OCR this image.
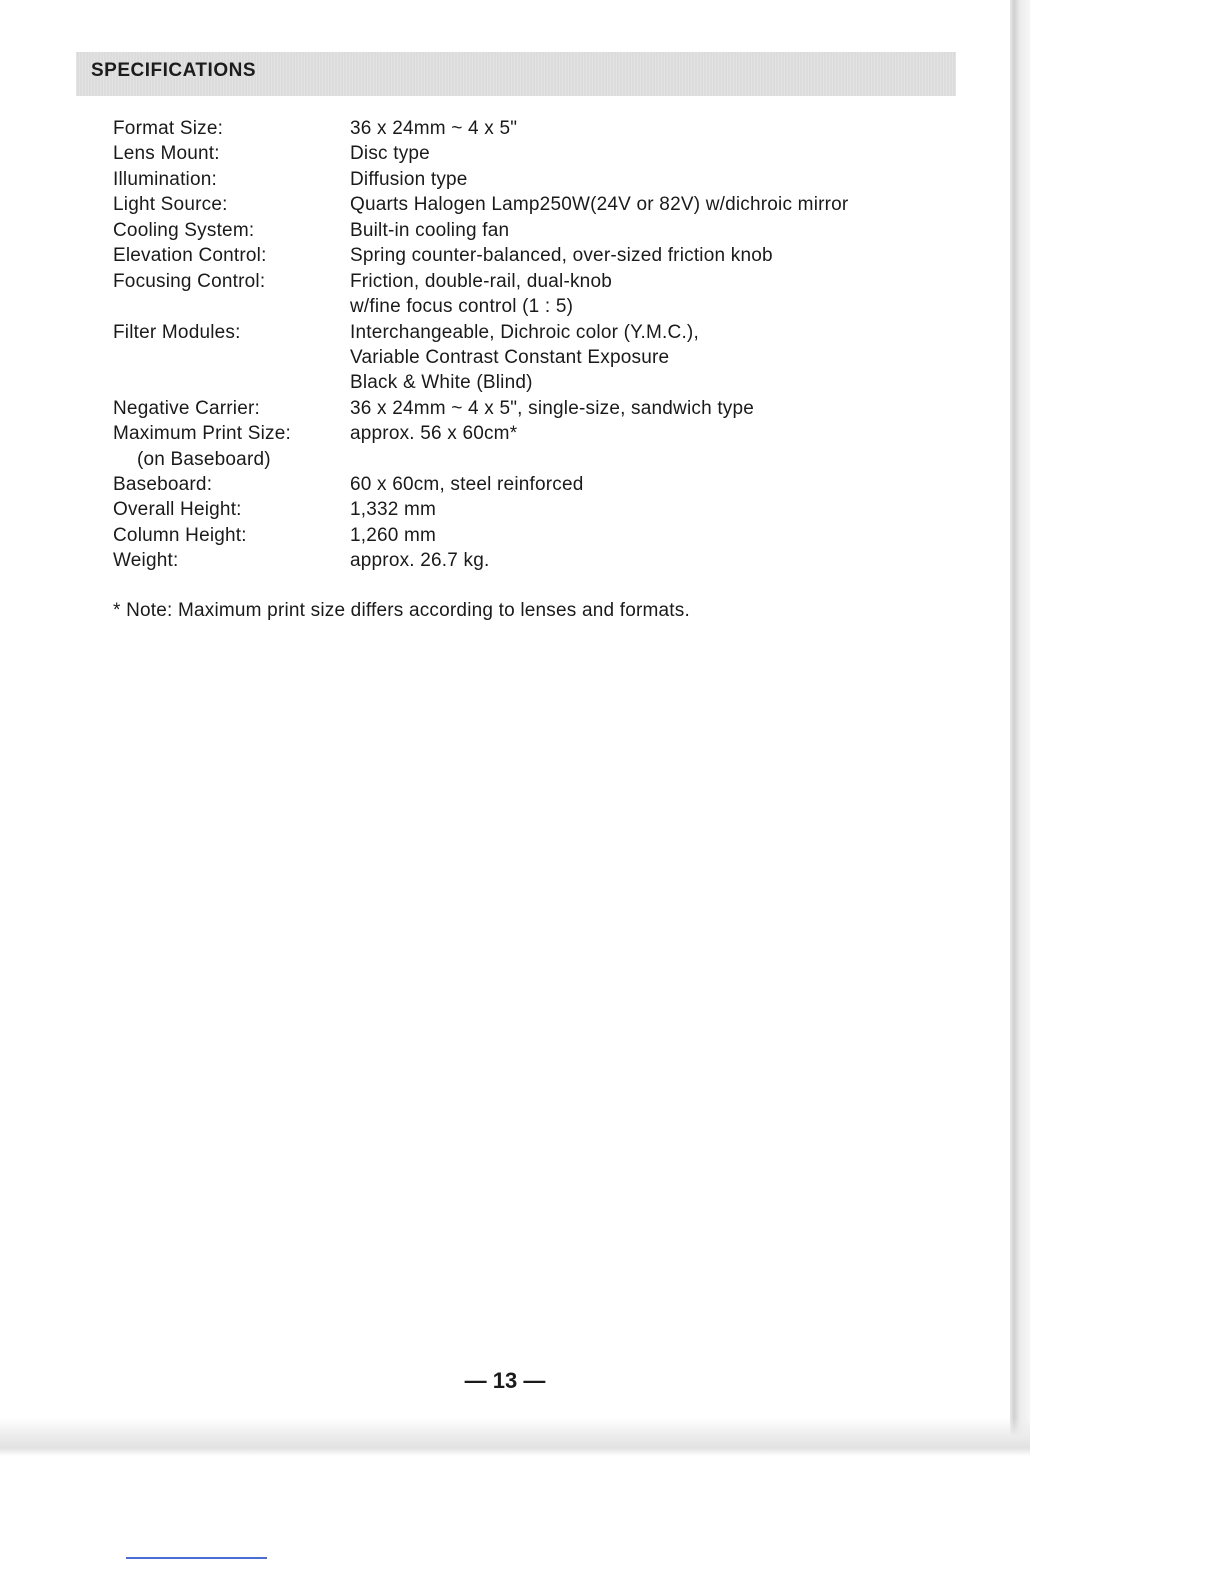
SPECIFICATIONS
Format Size:	36 x 24mm ~ 4 x 5"
Lens Mount:	Disc type
Illumination:	Diffusion type
Light Source:	Quarts Halogen Lamp250W(24V or 82V) w/dichroic mirror
Cooling System:	Built-in cooling fan
Elevation Control:	Spring counter-balanced, over-sized friction knob
Focusing Control:	Friction, double-rail, dual-knob
w/fine focus control (1 : 5)
Filter Modules:	Interchangeable, Dichroic color (Y.M.C.),
Variable Contrast Constant Exposure
Black & White (Blind)
Negative Carrier:	36 x 24mm ~ 4 x 5", single-size, sandwich type
Maximum Print Size:	approx. 56 x 60cm*
(on Baseboard)
Baseboard:	60 x 60cm, steel reinforced
Overall Height:	1,332 mm
Column Height:	1,260 mm
Weight:	approx. 26.7 kg.
* Note: Maximum print size differs according to lenses and formats.
— 13 —
